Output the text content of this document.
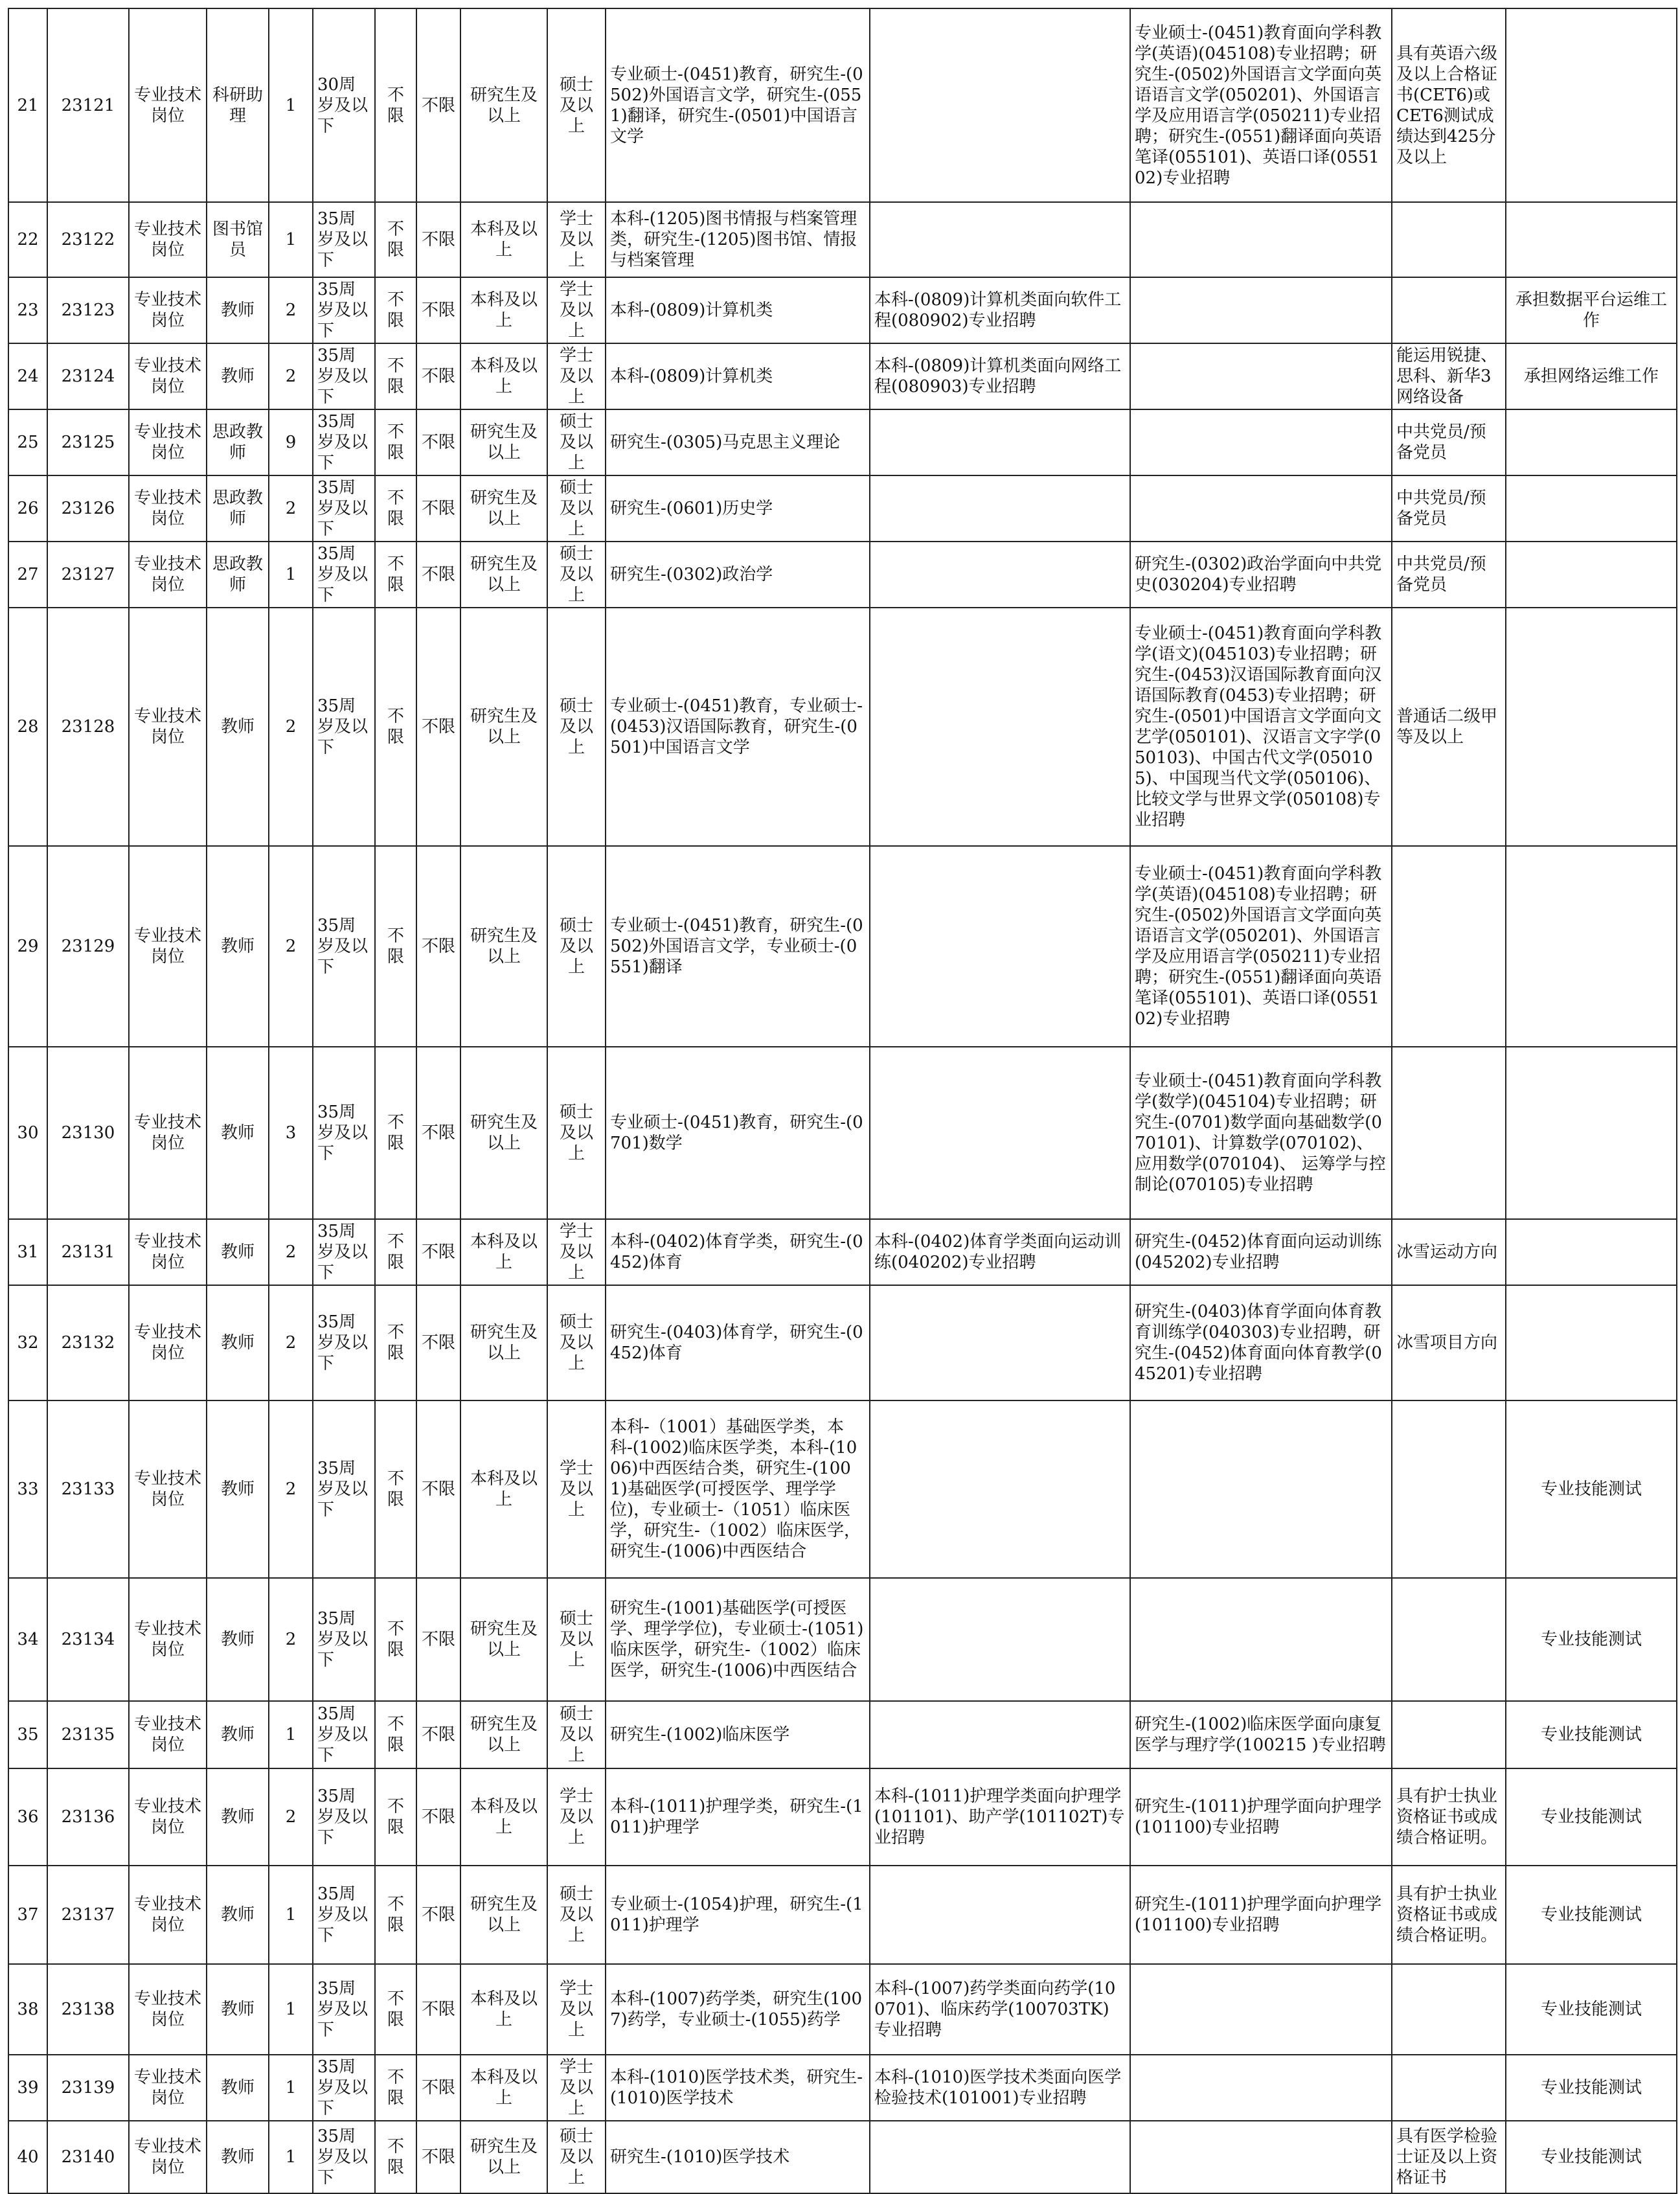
21	23121	专业技术岗位	科研助理	1	30周岁及以下	不限	不限	研究生及以上	硕士及以上	专业硕士-(0451)教育，研究生-(0502)外国语言文学，研究生-(0551)翻译，研究生-(0501)中国语言文学		专业硕士-(0451)教育面向学科教学(英语)(045108)专业招聘；研究生-(0502)外国语言文学面向英语语言文学(050201)、外国语言学及应用语言学(050211)专业招聘；研究生-(0551)翻译面向英语笔译(055101)、英语口译(055102)专业招聘	具有英语六级及以上合格证书(CET6)或CET6测试成绩达到425分及以上	
22	23122	专业技术岗位	图书馆员	1	35周岁及以下	不限	不限	本科及以上	学士及以上	本科-(1205)图书情报与档案管理类，研究生-(1205)图书馆、情报与档案管理				
23	23123	专业技术岗位	教师	2	35周岁及以下	不限	不限	本科及以上	学士及以上	本科-(0809)计算机类	本科-(0809)计算机类面向软件工程(080902)专业招聘			承担数据平台运维工作
24	23124	专业技术岗位	教师	2	35周岁及以下	不限	不限	本科及以上	学士及以上	本科-(0809)计算机类	本科-(0809)计算机类面向网络工程(080903)专业招聘		能运用锐捷、思科、新华3网络设备	承担网络运维工作
25	23125	专业技术岗位	思政教师	9	35周岁及以下	不限	不限	研究生及以上	硕士及以上	研究生-(0305)马克思主义理论			中共党员/预备党员	
26	23126	专业技术岗位	思政教师	2	35周岁及以下	不限	不限	研究生及以上	硕士及以上	研究生-(0601)历史学			中共党员/预备党员	
27	23127	专业技术岗位	思政教师	1	35周岁及以下	不限	不限	研究生及以上	硕士及以上	研究生-(0302)政治学		研究生-(0302)政治学面向中共党史(030204)专业招聘	中共党员/预备党员	
28	23128	专业技术岗位	教师	2	35周岁及以下	不限	不限	研究生及以上	硕士及以上	专业硕士-(0451)教育，专业硕士-(0453)汉语国际教育，研究生-(0501)中国语言文学		专业硕士-(0451)教育面向学科教学(语文)(045103)专业招聘；研究生-(0453)汉语国际教育面向汉语国际教育(0453)专业招聘；研究生-(0501)中国语言文学面向文艺学(050101)、汉语言文字学(050103)、中国古代文学(050105)、中国现当代文学(050106)、比较文学与世界文学(050108)专业招聘	普通话二级甲等及以上	
29	23129	专业技术岗位	教师	2	35周岁及以下	不限	不限	研究生及以上	硕士及以上	专业硕士-(0451)教育，研究生-(0502)外国语言文学，专业硕士-(0551)翻译		专业硕士-(0451)教育面向学科教学(英语)(045108)专业招聘；研究生-(0502)外国语言文学面向英语语言文学(050201)、外国语言学及应用语言学(050211)专业招聘；研究生-(0551)翻译面向英语笔译(055101)、英语口译(055102)专业招聘		
30	23130	专业技术岗位	教师	3	35周岁及以下	不限	不限	研究生及以上	硕士及以上	专业硕士-(0451)教育，研究生-(0701)数学		专业硕士-(0451)教育面向学科教学(数学)(045104)专业招聘；研究生-(0701)数学面向基础数学(070101)、计算数学(070102)、应用数学(070104)、 运筹学与控制论(070105)专业招聘		
31	23131	专业技术岗位	教师	2	35周岁及以下	不限	不限	本科及以上	学士及以上	本科-(0402)体育学类，研究生-(0452)体育	本科-(0402)体育学类面向运动训练(040202)专业招聘	研究生-(0452)体育面向运动训练(045202)专业招聘	冰雪运动方向	
32	23132	专业技术岗位	教师	2	35周岁及以下	不限	不限	研究生及以上	硕士及以上	研究生-(0403)体育学，研究生-(0452)体育		研究生-(0403)体育学面向体育教育训练学(040303)专业招聘，研究生-(0452)体育面向体育教学(045201)专业招聘	冰雪项目方向	
33	23133	专业技术岗位	教师	2	35周岁及以下	不限	不限	本科及以上	学士及以上	本科-（1001）基础医学类，本科-(1002)临床医学类，本科-(1006)中西医结合类，研究生-(1001)基础医学(可授医学、理学学位)，专业硕士-（1051）临床医学，研究生-（1002）临床医学，研究生-(1006)中西医结合				专业技能测试
34	23134	专业技术岗位	教师	2	35周岁及以下	不限	不限	研究生及以上	硕士及以上	研究生-(1001)基础医学(可授医学、理学学位)，专业硕士-(1051)临床医学，研究生-（1002）临床医学，研究生-(1006)中西医结合				专业技能测试
35	23135	专业技术岗位	教师	1	35周岁及以下	不限	不限	研究生及以上	硕士及以上	研究生-(1002)临床医学		研究生-(1002)临床医学面向康复医学与理疗学(100215 )专业招聘		专业技能测试
36	23136	专业技术岗位	教师	2	35周岁及以下	不限	不限	本科及以上	学士及以上	本科-(1011)护理学类，研究生-(1011)护理学	本科-(1011)护理学类面向护理学(101101)、助产学(101102T)专业招聘	研究生-(1011)护理学面向护理学(101100)专业招聘	具有护士执业资格证书或成绩合格证明。	专业技能测试
37	23137	专业技术岗位	教师	1	35周岁及以下	不限	不限	研究生及以上	硕士及以上	专业硕士-(1054)护理，研究生-(1011)护理学		研究生-(1011)护理学面向护理学(101100)专业招聘	具有护士执业资格证书或成绩合格证明。	专业技能测试
38	23138	专业技术岗位	教师	1	35周岁及以下	不限	不限	本科及以上	学士及以上	本科-(1007)药学类，研究生(1007)药学，专业硕士-(1055)药学	本科-(1007)药学类面向药学(100701)、临床药学(100703TK)专业招聘			专业技能测试
39	23139	专业技术岗位	教师	1	35周岁及以下	不限	不限	本科及以上	学士及以上	本科-(1010)医学技术类，研究生-(1010)医学技术	本科-(1010)医学技术类面向医学检验技术(101001)专业招聘			专业技能测试
40	23140	专业技术岗位	教师	1	35周岁及以下	不限	不限	研究生及以上	硕士及以上	研究生-(1010)医学技术			具有医学检验士证及以上资格证书	专业技能测试
